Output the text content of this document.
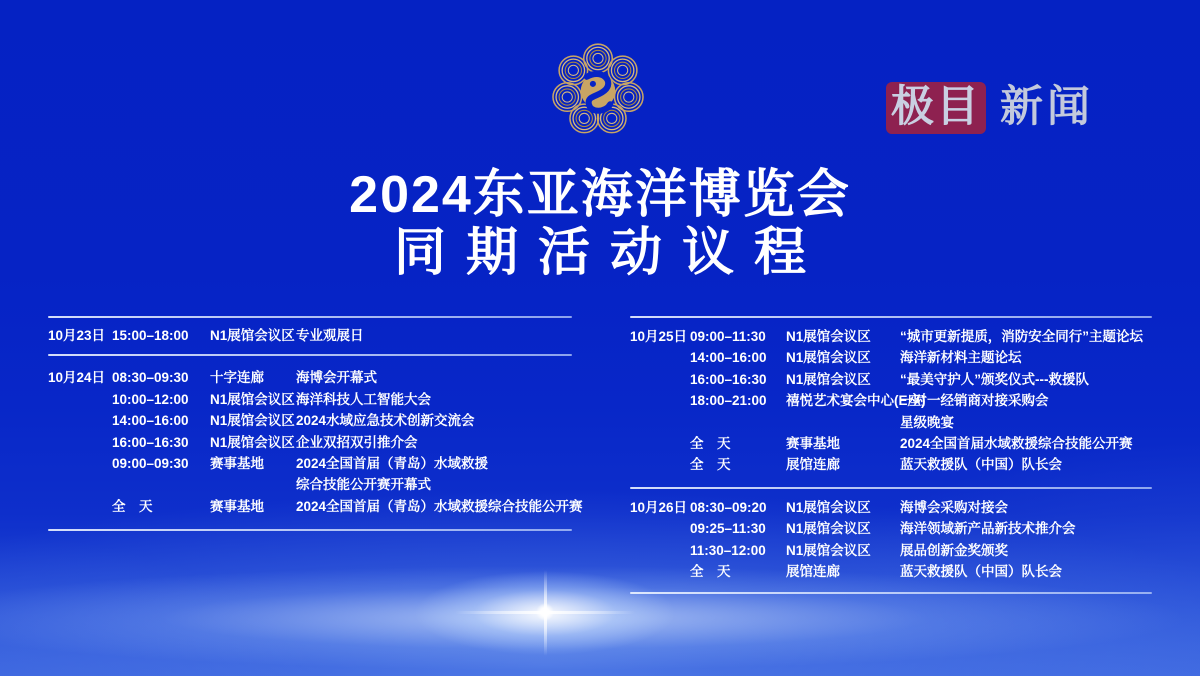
2024东亚海洋博览会
同期活动议程
极目 新闻
10月23日 15:00–18:00	N1展馆会议区 专业观展日
10月24日 08:30–09:30	十字连廊	海博会开幕式
10:00–12:00	N1展馆会议区 海洋科技人工智能大会
14:00–16:00	N1展馆会议区 2024水域应急技术创新交流会
16:00–16:30	N1展馆会议区 企业双招双引推介会
09:00–09:30	赛事基地	2024全国首届（青岛）水域救援
综合技能公开赛开幕式
全　天	赛事基地	2024全国首届（青岛）水域救援综合技能公开赛
10月25日 09:00–11:30	N1展馆会议区	“城市更新提质，消防安全同行”主题论坛
14:00–16:00	N1展馆会议区	海洋新材料主题论坛
16:00–16:30	N1展馆会议区	“最美守护人”颁奖仪式---救援队
18:00–21:00	禧悦艺术宴会中心(E座)
一对一经销商对接采购会
星级晚宴
全　天	赛事基地	2024全国首届水域救援综合技能公开赛
全　天	展馆连廊	蓝天救援队（中国）队长会
10月26日 08:30–09:20	N1展馆会议区	海博会采购对接会
09:25–11:30	N1展馆会议区	海洋领域新产品新技术推介会
11:30–12:00	N1展馆会议区	展品创新金奖颁奖
全　天	展馆连廊	蓝天救援队（中国）队长会
